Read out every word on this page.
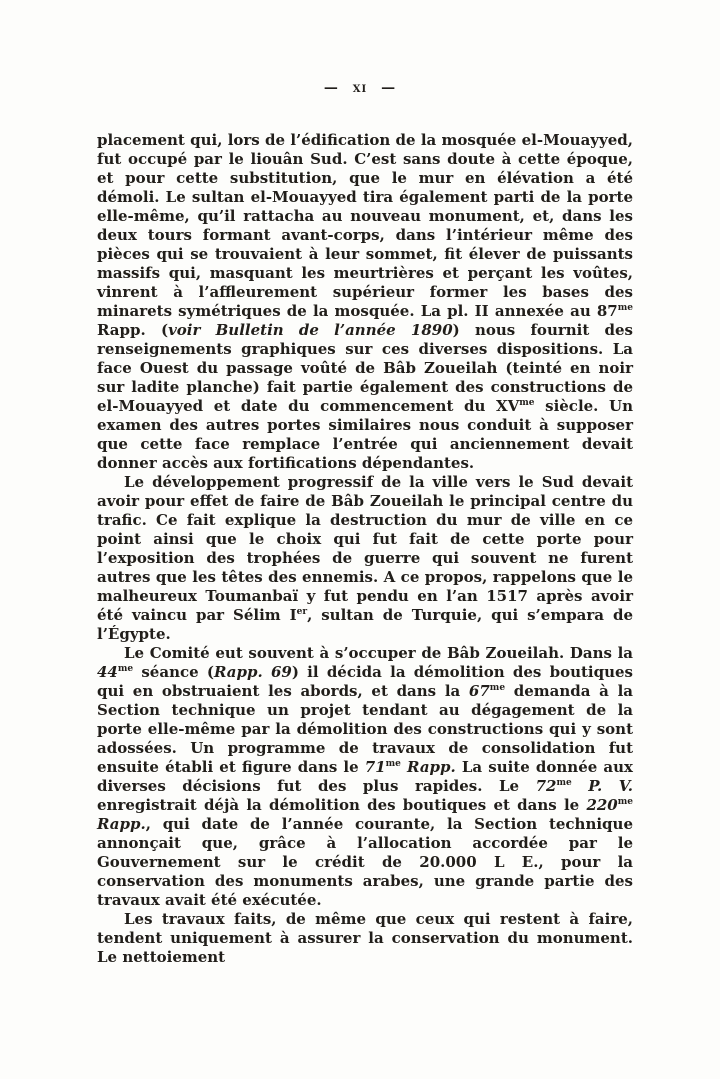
— xi —

placement qui, lors de l’édification de la mosquée el-Mouayyed, fut occupé par le liouân Sud. C’est sans doute à cette époque, et pour cette substitution, que le mur en élévation a été démoli. Le sultan el-Mouayyed tira également parti de la porte elle-même, qu’il rattacha au nouveau monument, et, dans les deux tours formant avant-corps, dans l’intérieur même des pièces qui se trouvaient à leur sommet, fit élever de puissants massifs qui, masquant les meurtrières et perçant les voûtes, vinrent à l’affleurement supérieur former les bases des minarets symétriques de la mosquée. La pl. II annexée au $87^{me}$ Rapp. (voir Bulletin de l’année 1890) nous fournit des renseignements graphiques sur ces diverses dispositions. La face Ouest du passage voûté de Bâb Zoueilah (teinté en noir sur ladite planche) fait partie également des constructions de el-Mouayyed et date du commencement du $XV^{me}$ siècle. Un examen des autres portes similaires nous conduit à supposer que cette face remplace l’entrée qui anciennement devait donner accès aux fortifications dépendantes.

Le développement progressif de la ville vers le Sud devait avoir pour effet de faire de Bâb Zoueilah le principal centre du trafic. Ce fait explique la destruction du mur de ville en ce point ainsi que le choix qui fut fait de cette porte pour l’exposition des trophées de guerre qui souvent ne furent autres que les têtes des ennemis. A ce propos, rappelons que le malheureux Toumanbaï y fut pendu en l’an 1517 après avoir été vaincu par Sélim Ier, sultan de Turquie, qui s’empara de l’Égypte.

Le Comité eut souvent à s’occuper de Bâb Zoueilah. Dans la $44^{me}$ séance (Rapp. 69) il décida la démolition des boutiques qui en obstruaient les abords, et dans la $67^{me}$ demanda à la Section technique un projet tendant au dégagement de la porte elle-même par la démolition des constructions qui y sont adossées. Un programme de travaux de consolidation fut ensuite établi et figure dans le $71^{me}$ Rapp. La suite donnée aux diverses décisions fut des plus rapides. Le $72^{me}$ P. V. enregistrait déjà la démolition des boutiques et dans le $220^{me}$ Rapp., qui date de l’année courante, la Section technique annonçait que, grâce à l’allocation accordée par le Gouvernement sur le crédit de 20.000 L E., pour la conservation des monuments arabes, une grande partie des travaux avait été exécutée.

Les travaux faits, de même que ceux qui restent à faire, tendent uniquement à assurer la conservation du monument. Le nettoiement
